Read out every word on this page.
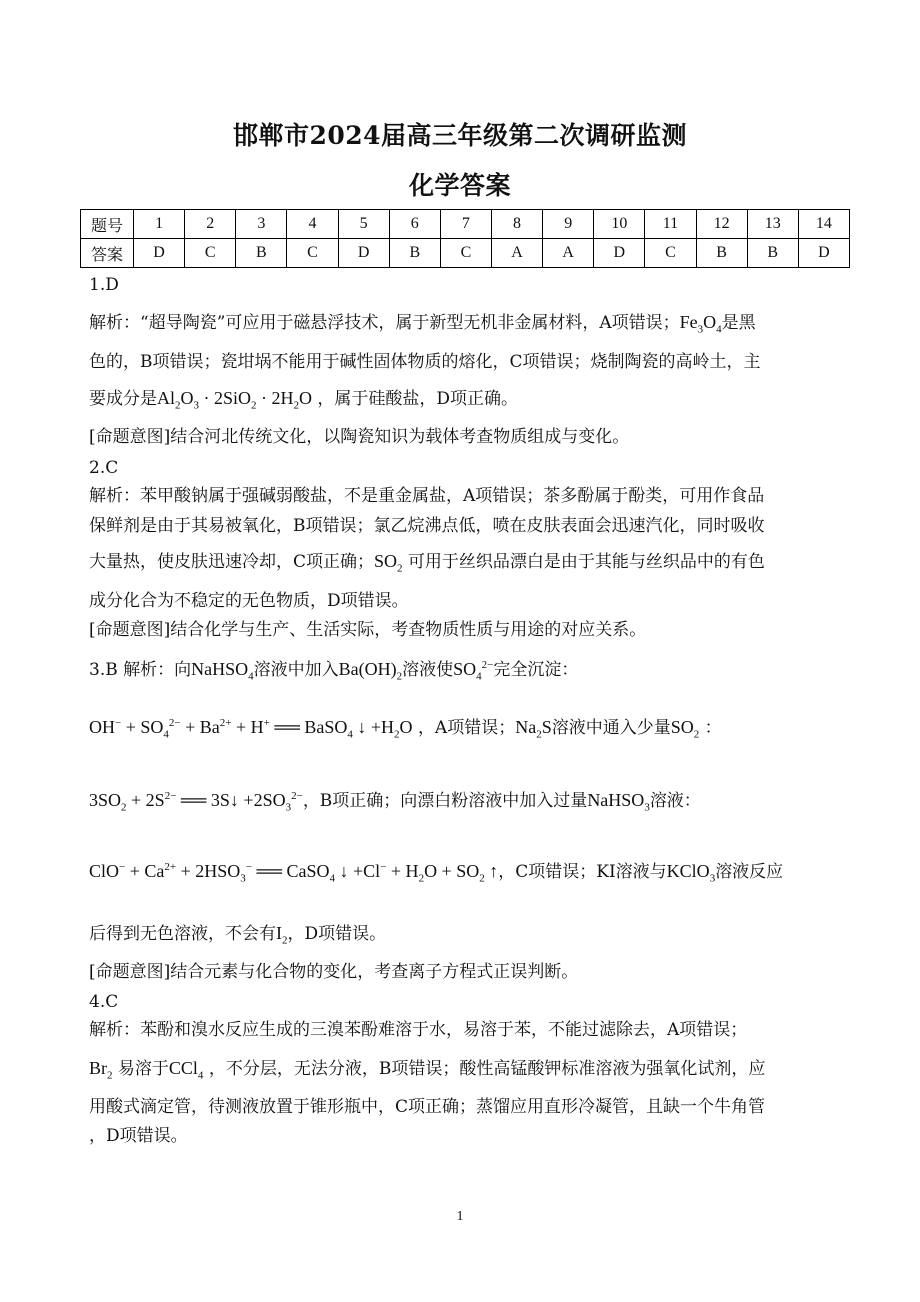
邯郸市2024届高三年级第二次调研监测
化学答案
题号	1	2	3	4	5	6	7	8	9	10	11	12	13	14
答案	D	C	B	C	D	B	C	A	A	D	C	B	B	D
1.D
解析：“超导陶瓷”可应用于磁悬浮技术，属于新型无机非金属材料，A项错误；$Fe_3O_4$是黑
色的，B项错误；瓷坩埚不能用于碱性固体物质的熔化，C项错误；烧制陶瓷的高岭土，主
要成分是$Al_2O_3 \cdot 2SiO_2 \cdot 2H_2O$ ，属于硅酸盐，D项正确。
[命题意图]结合河北传统文化，以陶瓷知识为载体考查物质组成与变化。
2.C
解析：苯甲酸钠属于强碱弱酸盐，不是重金属盐，A项错误；茶多酚属于酚类，可用作食品
保鲜剂是由于其易被氧化，B项错误；氯乙烷沸点低，喷在皮肤表面会迅速汽化，同时吸收
大量热，使皮肤迅速冷却，C项正确；$SO_2$ 可用于丝织品漂白是由于其能与丝织品中的有色
成分化合为不稳定的无色物质，D项错误。
[命题意图]结合化学与生产、生活实际，考查物质性质与用途的对应关系。
3.B 解析：向NaHSO$_4$溶液中加入$Ba(OH)_2$溶液使$SO_4^{2-}$完全沉淀：
$OH^- + SO_4^{2-} + Ba^{2+} + H^+$ ══ BaSO$_4$ ↓ $+H_2O$ ，A项错误；$Na_2S$溶液中通入少量$SO_2$ ：
$3SO_2 + 2S^{2-}$ ══ 3S↓ $+2SO_3^{2-}$，B项正确；向漂白粉溶液中加入过量NaHSO$_3$溶液：
$ClO^- + Ca^{2+} + 2HSO_3^-$ ══ CaSO$_4$ ↓ $+Cl^- + H_2O + SO_2$ ↑，C项错误；KI溶液与KClO$_3$溶液反应
后得到无色溶液，不会有$I_2$，D项错误。
[命题意图]结合元素与化合物的变化，考查离子方程式正误判断。
4.C
解析：苯酚和溴水反应生成的三溴苯酚难溶于水，易溶于苯，不能过滤除去，A项错误；
$Br_2$ 易溶于CCl$_4$ ，不分层，无法分液，B项错误；酸性高锰酸钾标准溶液为强氧化试剂，应
用酸式滴定管，待测液放置于锥形瓶中，C项正确；蒸馏应用直形冷凝管，且缺一个牛角管
，D项错误。
1
